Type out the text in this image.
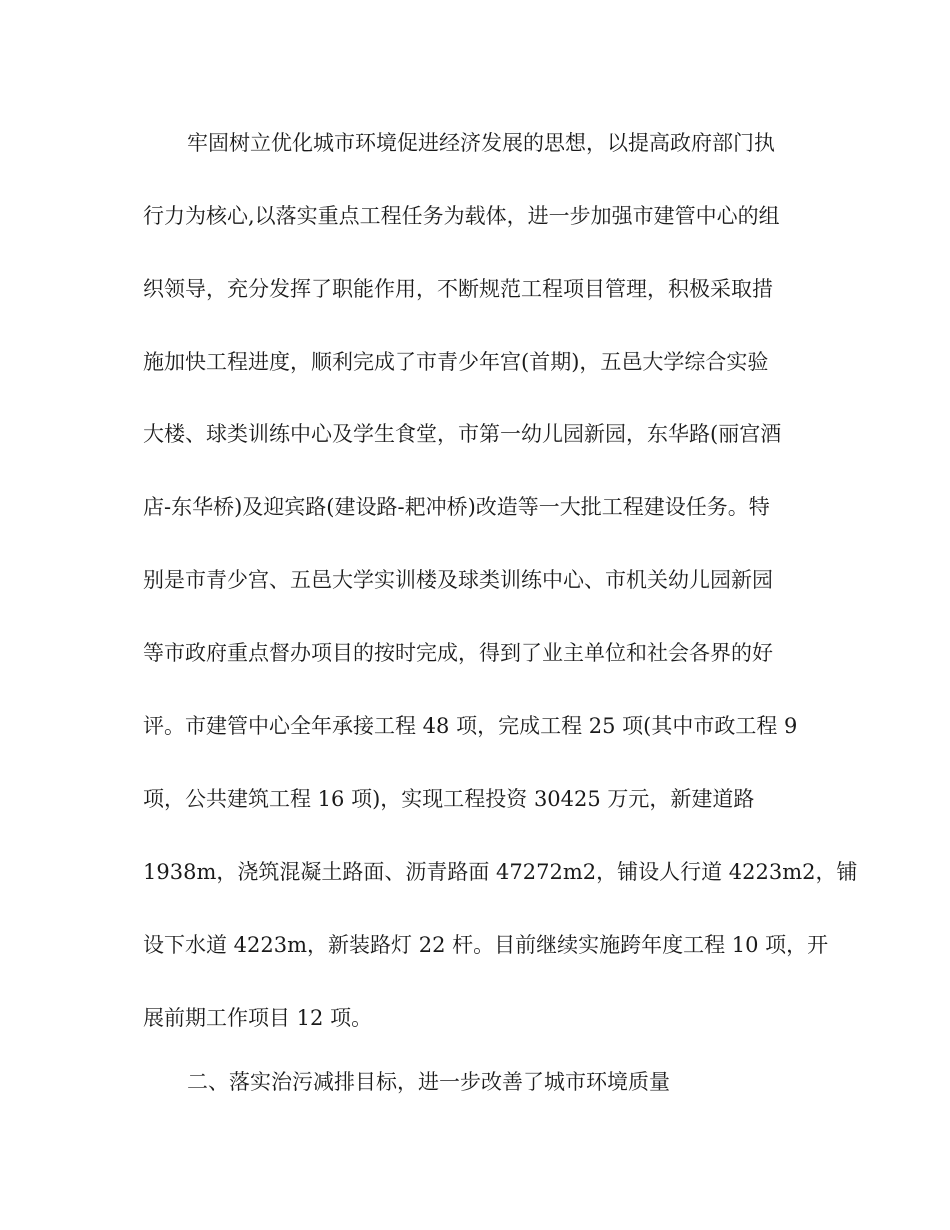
牢固树立优化城市环境促进经济发展的思想，以提高政府部门执

行力为核心,以落实重点工程任务为载体，进一步加强市建管中心的组

织领导，充分发挥了职能作用，不断规范工程项目管理，积极采取措

施加快工程进度，顺利完成了市青少年宫(首期)，五邑大学综合实验

大楼、球类训练中心及学生食堂，市第一幼儿园新园，东华路(丽宫酒

店-东华桥)及迎宾路(建设路-耙冲桥)改造等一大批工程建设任务。特

别是市青少宫、五邑大学实训楼及球类训练中心、市机关幼儿园新园

等市政府重点督办项目的按时完成，得到了业主单位和社会各界的好

评。市建管中心全年承接工程 48 项，完成工程 25 项(其中市政工程 9

项，公共建筑工程 16 项)，实现工程投资 30425 万元，新建道路

1938m，浇筑混凝土路面、沥青路面 47272m2，铺设人行道 4223m2，铺

设下水道 4223m，新装路灯 22 杆。目前继续实施跨年度工程 10 项，开

展前期工作项目 12 项。

二、落实治污减排目标，进一步改善了城市环境质量
